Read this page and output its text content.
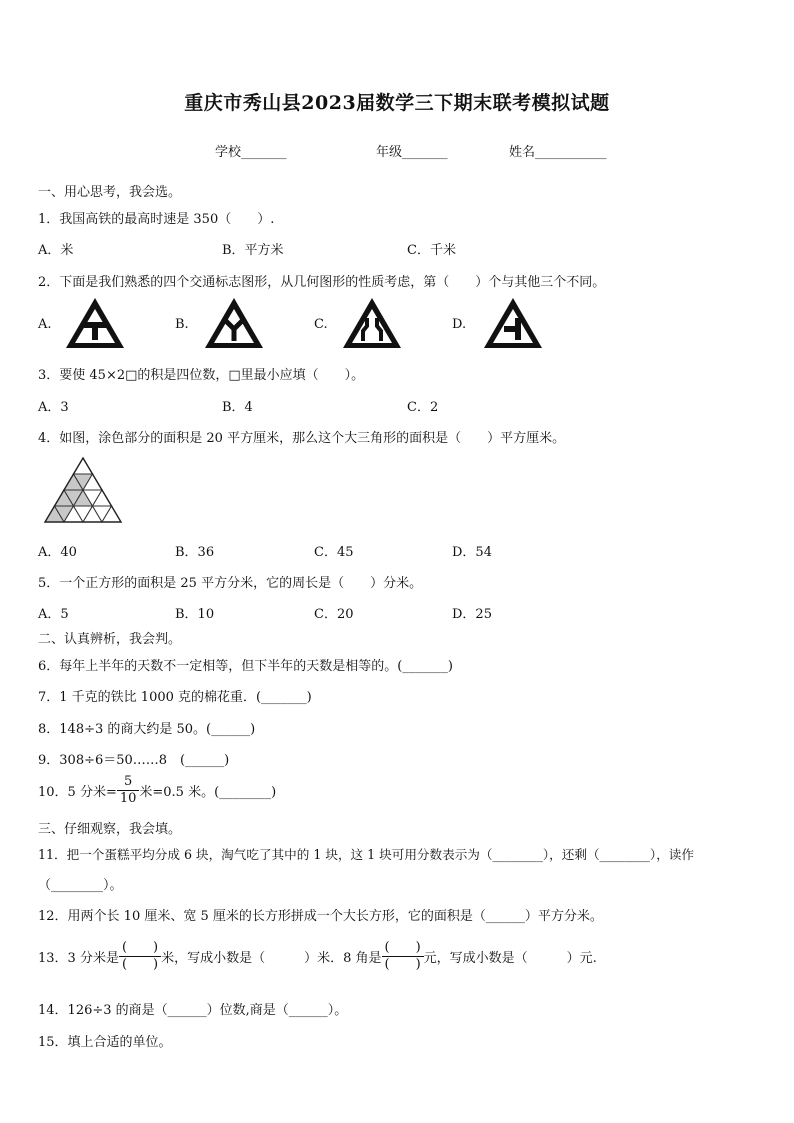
重庆市秀山县2023届数学三下期末联考模拟试题
学校_______	年级_______	姓名___________
一、用心思考，我会选。
1．我国高铁的最高时速是 350（　　）.
A．米	B．平方米	C．千米
2．下面是我们熟悉的四个交通标志图形，从几何图形的性质考虑，第（　　）个与其他三个不同。
A.	B.	C.	D.
3．要使 45×2□的积是四位数，□里最小应填（　　）。
A．3	B．4	C．2
4．如图，涂色部分的面积是 20 平方厘米，那么这个大三角形的面积是（　　）平方厘米。
A．40	B．36	C．45	D．54
5．一个正方形的面积是 25 平方分米，它的周长是（　　）分米。
A．5	B．10	C．20	D．25
二、认真辨析，我会判。
6．每年上半年的天数不一定相等，但下半年的天数是相等的。(_______)
7．1 千克的铁比 1000 克的棉花重．(_______)
8．148÷3 的商大约是 50。(______)
9．308÷6＝50……8　(______)
10．5 分米= $\frac{5}{10}$ 米=0.5 米。(________)
三、仔细观察，我会填。
11．把一个蛋糕平均分成 6 块，淘气吃了其中的 1 块，这 1 块可用分数表示为（________），还剩（________），读作
（________）。
12．用两个长 10 厘米、宽 5 厘米的长方形拼成一个大长方形，它的面积是（______）平方分米。
13．3 分米是 $\frac{( )}{( )}$ 米，写成小数是（　　　）米．8 角是 $\frac{( )}{( )}$ 元，写成小数是（　　　）元.
14．126÷3 的商是（______）位数,商是（______）。
15．填上合适的单位。
